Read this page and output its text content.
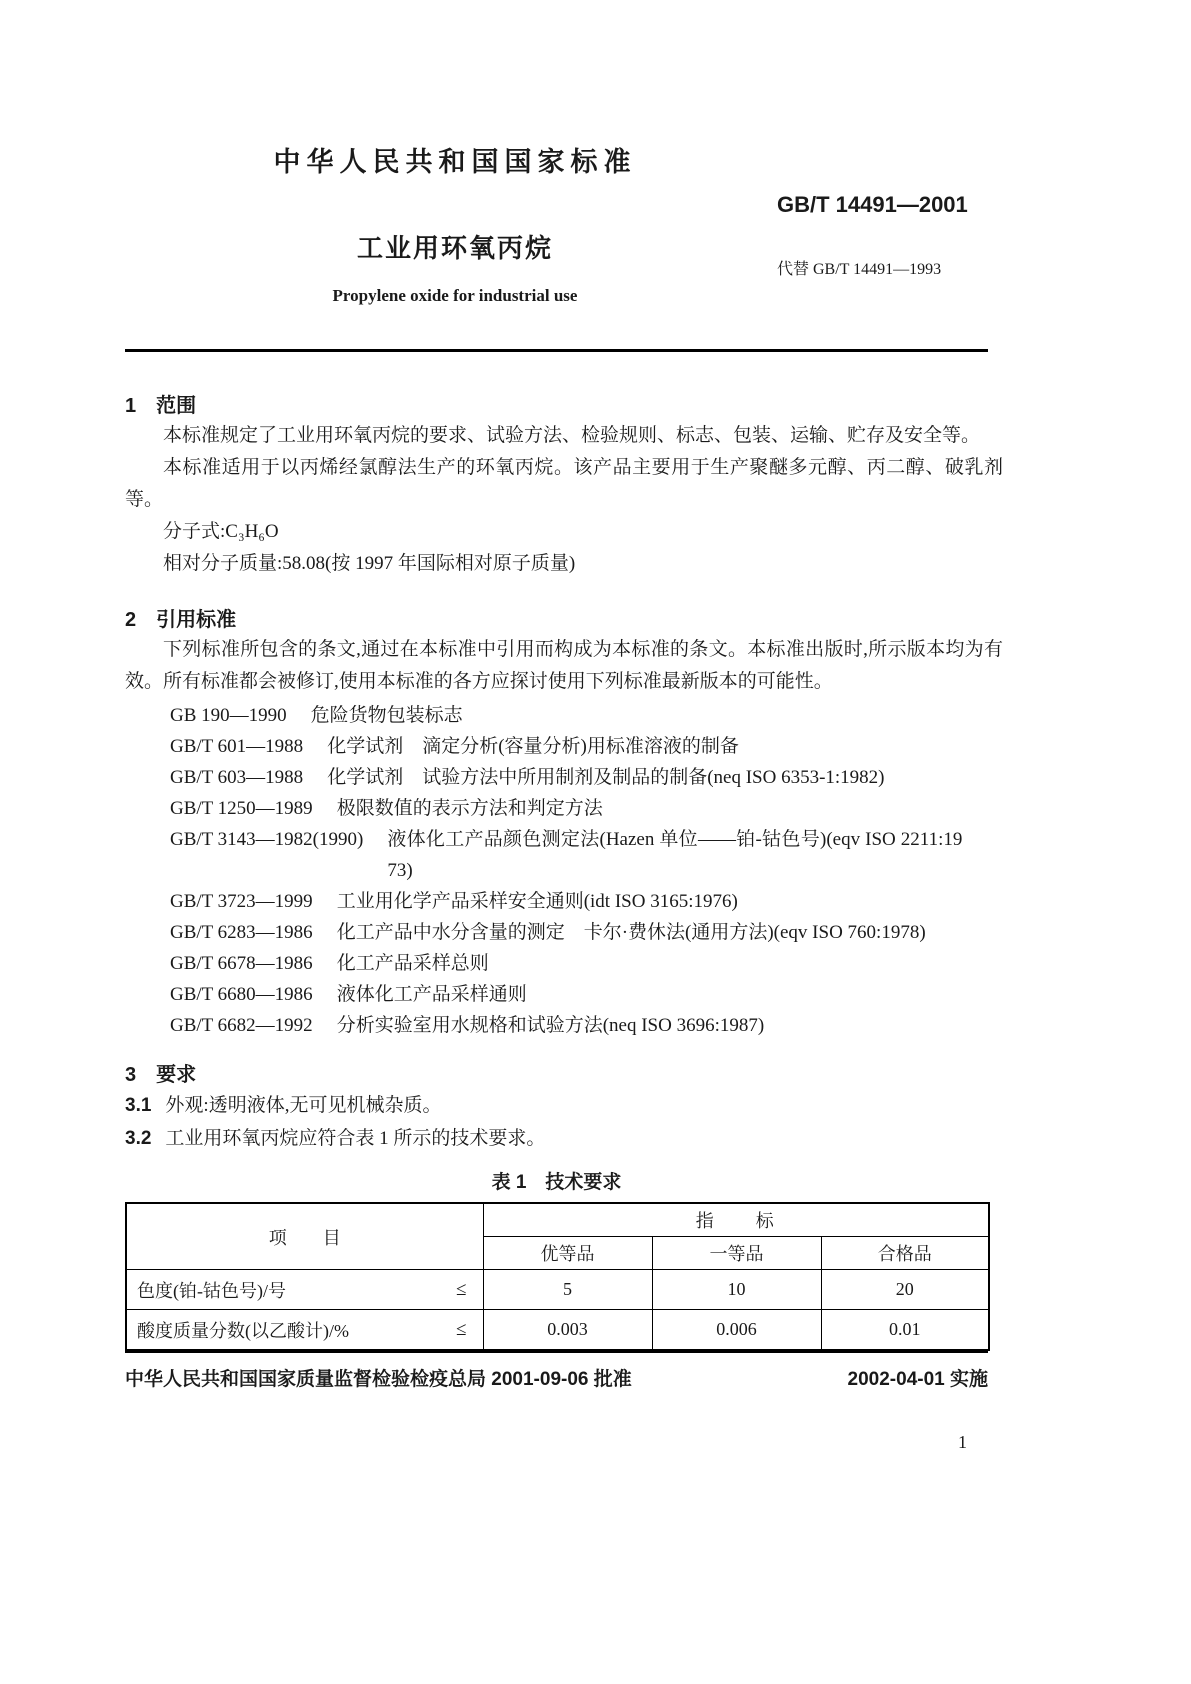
中华人民共和国国家标准
GB/T 14491—2001
工业用环氧丙烷
代替 GB/T 14491—1993
Propylene oxide for industrial use
1　范围
本标准规定了工业用环氧丙烷的要求、试验方法、检验规则、标志、包装、运输、贮存及安全等。
本标准适用于以丙烯经氯醇法生产的环氧丙烷。该产品主要用于生产聚醚多元醇、丙二醇、破乳剂等。
分子式:C₃H₆O
相对分子质量:58.08(按 1997 年国际相对原子质量)
2　引用标准
下列标准所包含的条文,通过在本标准中引用而构成为本标准的条文。本标准出版时,所示版本均为有效。所有标准都会被修订,使用本标准的各方应探讨使用下列标准最新版本的可能性。
GB 190—1990 危险货物包装标志
GB/T 601—1988 化学试剂　滴定分析(容量分析)用标准溶液的制备
GB/T 603—1988 化学试剂　试验方法中所用制剂及制品的制备(neq ISO 6353-1:1982)
GB/T 1250—1989 极限数值的表示方法和判定方法
GB/T 3143—1982(1990) 液体化工产品颜色测定法(Hazen 单位——铂-钴色号)(eqv ISO 2211:1973)
GB/T 3723—1999 工业用化学产品采样安全通则(idt ISO 3165:1976)
GB/T 6283—1986 化工产品中水分含量的测定　卡尔·费休法(通用方法)(eqv ISO 760:1978)
GB/T 6678—1986 化工产品采样总则
GB/T 6680—1986 液体化工产品采样通则
GB/T 6682—1992 分析实验室用水规格和试验方法(neq ISO 3696:1987)
3　要求
3.1 外观:透明液体,无可见机械杂质。
3.2 工业用环氧丙烷应符合表 1 所示的技术要求。
表 1　技术要求
项　　目	指　　标		
	优等品	一等品	合格品

色度(铂-钴色号)/号 ≤	5	10	20

酸度质量分数(以乙酸计)/% ≤	0.003	0.006	0.01
中华人民共和国国家质量监督检验检疫总局 2001-09-06 批准	2002-04-01 实施
1
